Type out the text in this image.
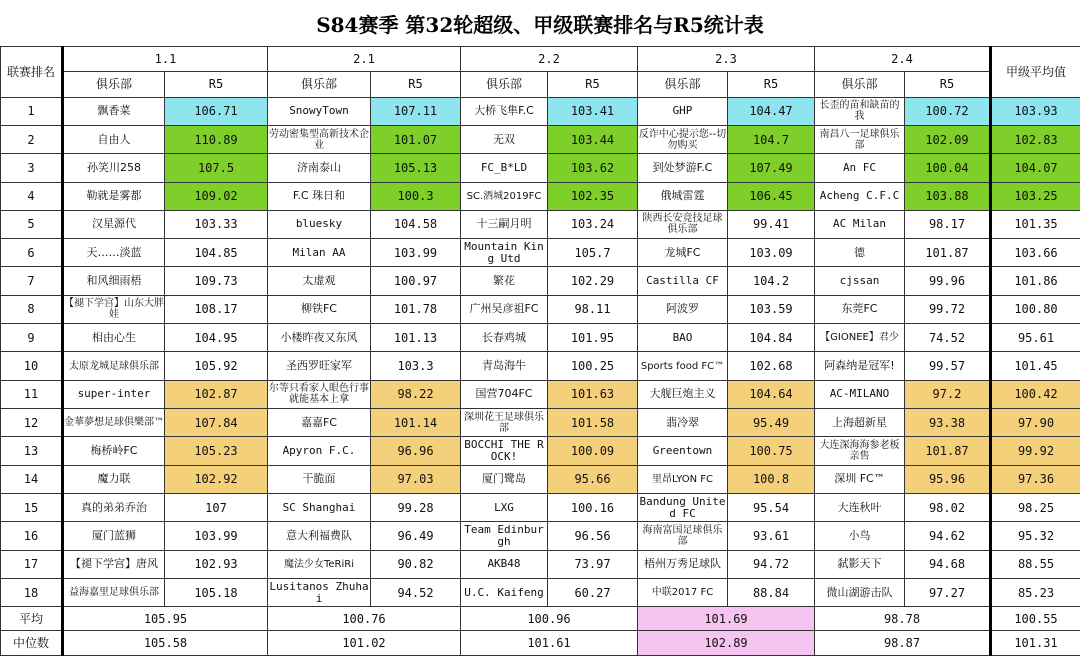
S84赛季 第32轮超级、甲级联赛排名与R5统计表
联赛排名	1.1		2.1		2.2		2.3		2.4		甲级平均值
	俱乐部	R5	俱乐部	R5	俱乐部	R5	俱乐部	R5	俱乐部	R5	
1	飘香菜	106.71	SnowyTown	107.11	大桥飞隼F.C	103.41	GHP	104.47	长歪的苗和缺苗的我	100.72	103.93
2	自由人	110.89	劳动密集型高新技术企业	101.07	无双	103.44	反诈中心提示您--切勿购买	104.7	南昌八一足球俱乐部	102.09	102.83
3	孙笑川258	107.5	济南泰山	105.13	FC_B*LD	103.62	到处梦游F.C	107.49	An FC	100.04	104.07
4	勒就是雾都	109.02	F.C 珠日和	100.3	SC.酒城2019FC	102.35	俄城雷霆	106.45	Acheng C.F.C	103.88	103.25
5	汉星源代	103.33	bluesky	104.58	十三嗣月明	103.24	陕西长安竞技足球俱乐部	99.41	AC Milan	98.17	101.35
6	天……淡蓝	104.85	Milan AA	103.99	Mountain King Utd	105.7	龙城FC	103.09	德	101.87	103.66
7	和风细雨梧	109.73	太虚观	100.97	繁花	102.29	Castilla CF	104.2	cjssan	99.96	101.86
8	【褪下学宫】山东大胖娃	108.17	柳铁FC	101.78	广州吴彦祖FC	98.11	阿波罗	103.59	东莞FC	99.72	100.80
9	相由心生	104.95	小楼昨夜又东风	101.13	长春鸡城	101.95	BAO	104.84	【GIONEE】君少	74.52	95.61
10	太原龙城足球俱乐部	105.92	圣西罗旺家军	103.3	青岛海牛	100.25	Sports food FC™	102.68	阿森纳是冠军!	99.57	101.45
11	super-inter	102.87	尔等只看家人眼色行事就能基本上拿	98.22	国营704FC	101.63	大舰巨炮主义	104.64	AC-MILANO	97.2	100.42
12	金華夢想足球俱樂部™	107.84	嘉嘉FC	101.14	深圳花王足球俱乐部	101.58	翡冷翠	95.49	上海超新星	93.38	97.90
13	梅桥岭FC	105.23	Apyron F.C.	96.96	BOCCHI THE ROCK!	100.09	Greentown	100.75	大连深海海参老板亲售	101.87	99.92
14	魔力联	102.92	干脆面	97.03	厦门鹭岛	95.66	里昂LYON FC	100.8	深圳 FC™	95.96	97.36
15	真的弟弟乔治	107	SC Shanghai	99.28	LXG	100.16	Bandung United FC	95.54	大连秋叶	98.02	98.25
16	厦门蓝狮	103.99	意大利福费队	96.49	Team Edinburgh	96.56	海南富国足球俱乐部	93.61	小鸟	94.62	95.32
17	【褪下学宫】唐风	102.93	魔法少女TeRiRi	90.82	AKB48	73.97	梧州万秀足球队	94.72	弑影天下	94.68	88.55
18	益海嘉里足球俱乐部	105.18	Lusitanos Zhuhai	94.52	U.C. Kaifeng	60.27	中联2017 FC	88.84	微山湖游击队	97.27	85.23
平均	105.95		100.76		100.96		101.69		98.78		100.55
中位数	105.58		101.02		101.61		102.89		98.87		101.31
